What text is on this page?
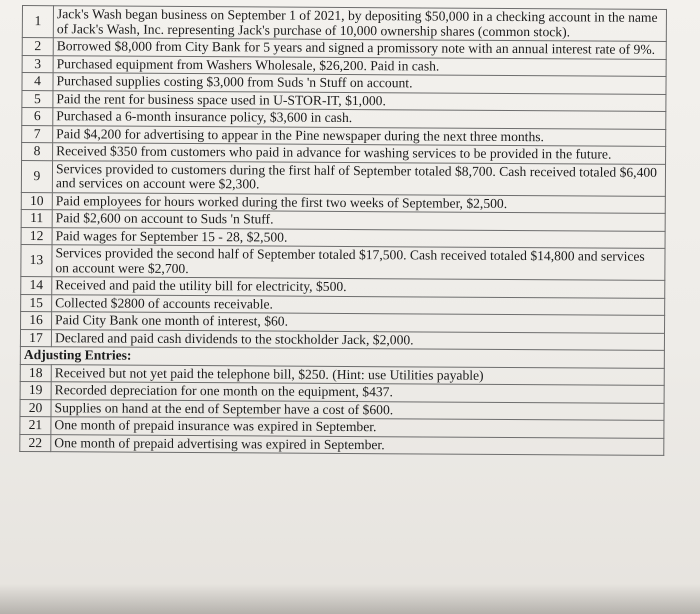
1	Jack's Wash began business on September 1 of 2021, by depositing $50,000 in a checking account in the name of Jack's Wash, Inc. representing Jack's purchase of 10,000 ownership shares (common stock).
2	Borrowed $8,000 from City Bank for 5 years and signed a promissory note with an annual interest rate of 9%.
3	Purchased equipment from Washers Wholesale, $26,200. Paid in cash.
4	Purchased supplies costing $3,000 from Suds 'n Stuff on account.
5	Paid the rent for business space used in U-STOR-IT, $1,000.
6	Purchased a 6-month insurance policy, $3,600 in cash.
7	Paid $4,200 for advertising to appear in the Pine newspaper during the next three months.
8	Received $350 from customers who paid in advance for washing services to be provided in the future.
9	Services provided to customers during the first half of September totaled $8,700. Cash received totaled $6,400 and services on account were $2,300.
10	Paid employees for hours worked during the first two weeks of September, $2,500.
11	Paid $2,600 on account to Suds 'n Stuff.
12	Paid wages for September 15 - 28, $2,500.
13	Services provided the second half of September totaled $17,500. Cash received totaled $14,800 and services on account were $2,700.
14	Received and paid the utility bill for electricity, $500.
15	Collected $2800 of accounts receivable.
16	Paid City Bank one month of interest, $60.
17	Declared and paid cash dividends to the stockholder Jack, $2,000.
Adjusting Entries:	
18	Received but not yet paid the telephone bill, $250. (Hint: use Utilities payable)
19	Recorded depreciation for one month on the equipment, $437.
20	Supplies on hand at the end of September have a cost of $600.
21	One month of prepaid insurance was expired in September.
22	One month of prepaid advertising was expired in September.
